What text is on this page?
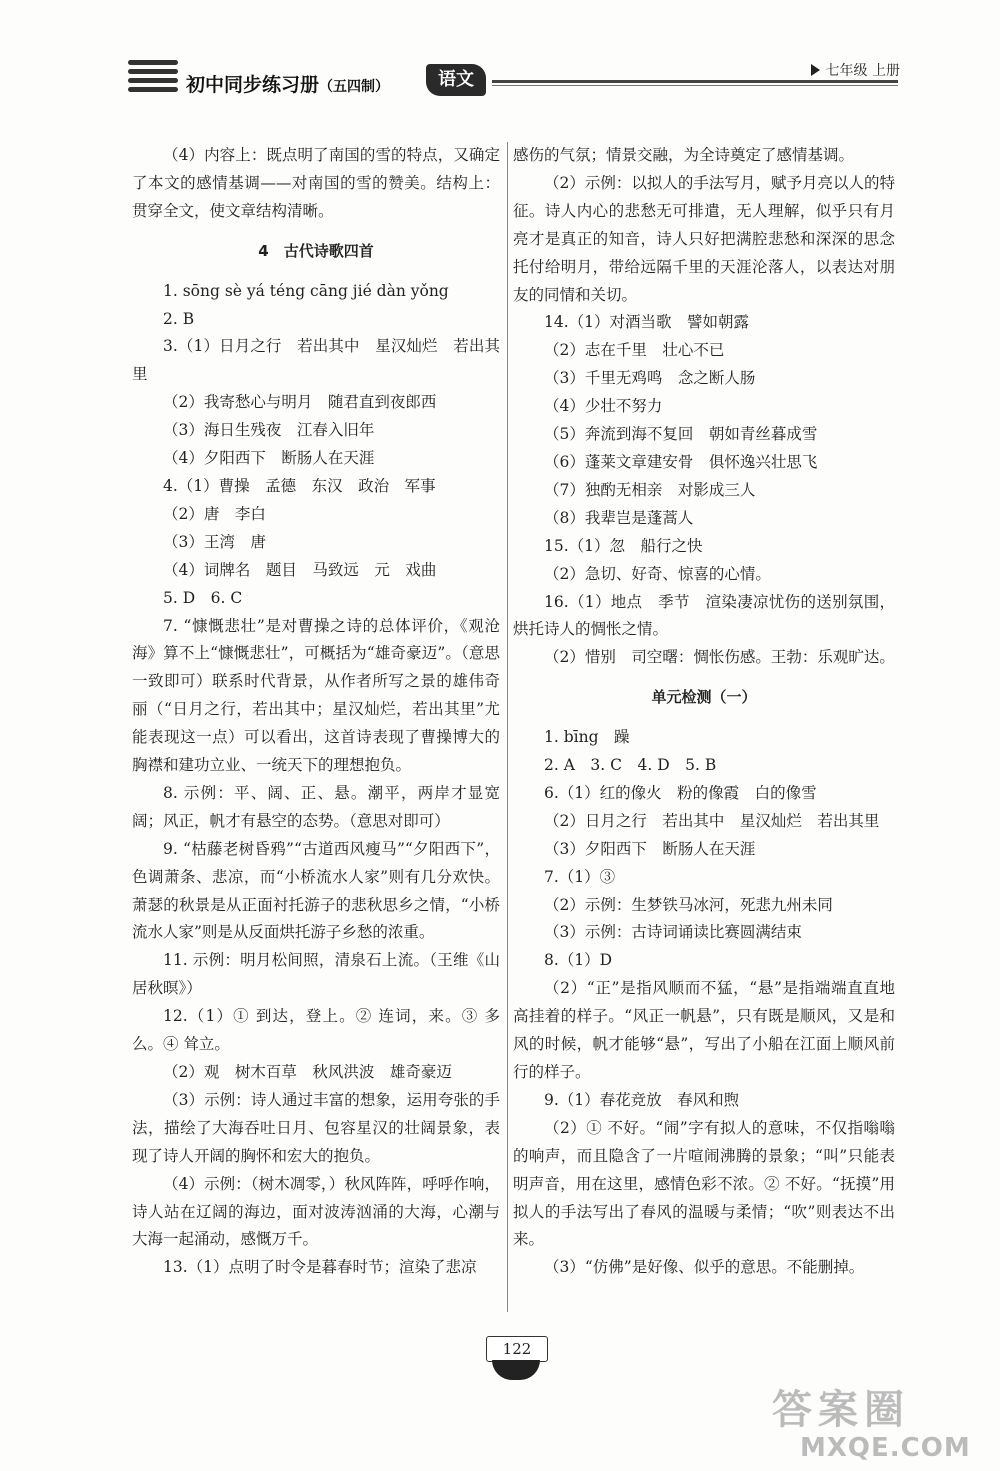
初中同步练习册（五四制）	语文	七年级 上册

（4）内容上：既点明了南国的雪的特点，又确定了本文的感情基调——对南国的雪的赞美。结构上：贯穿全文，使文章结构清晰。

4　古代诗歌四首

1. sōng sè yá téng cāng jié dàn yǒng

2. B

3.（1）日月之行　若出其中　星汉灿烂　若出其里

（2）我寄愁心与明月　随君直到夜郎西

（3）海日生残夜　江春入旧年

（4）夕阳西下　断肠人在天涯

4.（1）曹操　孟德　东汉　政治　军事

（2）唐　李白

（3）王湾　唐

（4）词牌名　题目　马致远　元　戏曲

5. D　6. C

7. “慷慨悲壮”是对曹操之诗的总体评价，《观沧海》算不上“慷慨悲壮”，可概括为“雄奇豪迈”。（意思一致即可）联系时代背景，从作者所写之景的雄伟奇丽（“日月之行，若出其中；星汉灿烂，若出其里”尤能表现这一点）可以看出，这首诗表现了曹操博大的胸襟和建功立业、一统天下的理想抱负。

8. 示例：平、阔、正、悬。潮平，两岸才显宽阔；风正，帆才有悬空的态势。（意思对即可）

9. “枯藤老树昏鸦”“古道西风瘦马”“夕阳西下”，色调萧条、悲凉，而“小桥流水人家”则有几分欢快。萧瑟的秋景是从正面衬托游子的悲秋思乡之情，“小桥流水人家”则是从反面烘托游子乡愁的浓重。

11. 示例：明月松间照，清泉石上流。（王维《山居秋暝》）

12.（1）① 到达，登上。② 连词，来。③ 多么。④ 耸立。

（2）观　树木百草　秋风洪波　雄奇豪迈

（3）示例：诗人通过丰富的想象，运用夸张的手法，描绘了大海吞吐日月、包容星汉的壮阔景象，表现了诗人开阔的胸怀和宏大的抱负。

（4）示例：（树木凋零，）秋风阵阵，呼呼作响，诗人站在辽阔的海边，面对波涛汹涌的大海，心潮与大海一起涌动，感慨万千。

13.（1）点明了时令是暮春时节；渲染了悲凉

感伤的气氛；情景交融，为全诗奠定了感情基调。

（2）示例：以拟人的手法写月，赋予月亮以人的特征。诗人内心的悲愁无可排遣，无人理解，似乎只有月亮才是真正的知音，诗人只好把满腔悲愁和深深的思念托付给明月，带给远隔千里的天涯沦落人，以表达对朋友的同情和关切。

14.（1）对酒当歌　譬如朝露

（2）志在千里　壮心不已

（3）千里无鸡鸣　念之断人肠

（4）少壮不努力

（5）奔流到海不复回　朝如青丝暮成雪

（6）蓬莱文章建安骨　俱怀逸兴壮思飞

（7）独酌无相亲　对影成三人

（8）我辈岂是蓬蒿人

15.（1）忽　船行之快

（2）急切、好奇、惊喜的心情。

16.（1）地点　季节　渲染凄凉忧伤的送别氛围，烘托诗人的惆怅之情。

（2）惜别　司空曙：惆怅伤感。王勃：乐观旷达。

单元检测（一）

1. bīng　躁

2. A　3. C　4. D　5. B

6.（1）红的像火　粉的像霞　白的像雪

（2）日月之行　若出其中　星汉灿烂　若出其里

（3）夕阳西下　断肠人在天涯

7.（1）③

（2）示例：生梦铁马冰河，死悲九州未同

（3）示例：古诗词诵读比赛圆满结束

8.（1）D

（2）“正”是指风顺而不猛，“悬”是指端端直直地高挂着的样子。“风正一帆悬”，只有既是顺风，又是和风的时候，帆才能够“悬”，写出了小船在江面上顺风前行的样子。

9.（1）春花竞放　春风和煦

（2）① 不好。“闹”字有拟人的意味，不仅指嗡嗡的响声，而且隐含了一片喧闹沸腾的景象；“叫”只能表明声音，用在这里，感情色彩不浓。② 不好。“抚摸”用拟人的手法写出了春风的温暖与柔情；“吹”则表达不出来。

（3）“仿佛”是好像、似乎的意思。不能删掉。

122
答案圈
MXQE.COM
